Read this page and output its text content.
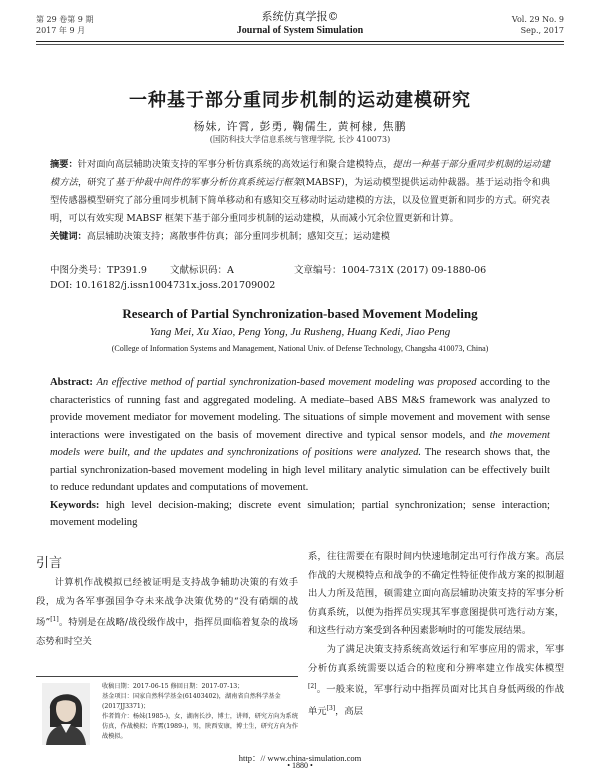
第 29 卷第 9 期
2017 年 9 月
系统仿真学报©
Journal of System Simulation
Vol. 29 No. 9
Sep., 2017
一种基于部分重同步机制的运动建模研究
杨妹, 许霄, 彭勇, 鞠儒生, 黄柯棣, 焦鹏
(国防科技大学信息系统与管理学院, 长沙 410073)
摘要：针对面向高层辅助决策支持的军事分析仿真系统的高效运行和聚合建模特点，提出一种基于部分重同步机制的运动建模方法，研究了基于仲裁中间件的军事分析仿真系统运行框架(MABSF)，为运动模型提供运动仲裁器。基于运动指令和典型传感器模型研究了部分重同步机制下简单移动和有感知交互移动时运动建模的方法，以及位置更新和同步的方式。研究表明，可以有效实现 MABSF 框架下基于部分重同步机制的运动建模，从而减小冗余位置更新和计算。
关键词：高层辅助决策支持；离散事件仿真；部分重同步机制；感知交互；运动建模
中图分类号：TP391.9	文献标识码：A	文章编号：1004-731X (2017) 09-1880-06
DOI: 10.16182/j.issn1004731x.joss.201709002
Research of Partial Synchronization-based Movement Modeling
Yang Mei, Xu Xiao, Peng Yong, Ju Rusheng, Huang Kedi, Jiao Peng
(College of Information Systems and Management, National Univ. of Defense Technology, Changsha 410073, China)
Abstract: An effective method of partial synchronization-based movement modeling was proposed according to the characteristics of running fast and aggregated modeling. A mediate–based ABS M&S framework was analyzed to provide movement mediator for movement modeling. The situations of simple movement and movement with sense interactions were investigated on the basis of movement directive and typical sensor models, and the movement models were built, and the updates and synchronizations of positions were analyzed. The research shows that, the partial synchronization-based movement modeling in high level military analytic simulation can be effectively built to reduce redundant updates and computations of movement.
Keywords: high level decision-making; discrete event simulation; partial synchronization; sense interaction; movement modeling
引言

计算机作战模拟已经被证明是支持战争辅助决策的有效手段，成为各军事强国争夺未来战争决策优势的“没有硝烟的战场”[1]。特别是在战略/战役级作战中，指挥员面临着复杂的战场态势和时空关

系，往往需要在有限时间内快速地制定出可行作战方案。高层作战的大规模特点和战争的不确定性特征使作战方案的拟制超出人力所及范围，硕需建立面向高层辅助决策支持的军事分析仿真系统，以便为指挥员实现其军事意图提供可选行动方案，和这些行动方案受到各种因素影响时的可能发展结果。

为了满足决策支持系统高效运行和军事应用的需求，军事分析仿真系统需要以适合的粒度和分辨率建立作战实体模型[2]。一般来说，军事行动中指挥员面对比其自身低两级的作战单元[3]，高层

收稿日期：2017-06-15 修回日期：2017-07-13；
基金项目：国家自然科学基金(61403402)，湖南省自然科学基金(2017JJ3371)；
作者简介：杨妹(1985-)，女，湖南长沙，博士，讲师，研究方向为系统仿真，作战模拟；许霄(1989-)，男，陕西安康，博士生，研究方向为作战模拟。
http：// www.china-simulation.com
• 1880 •
